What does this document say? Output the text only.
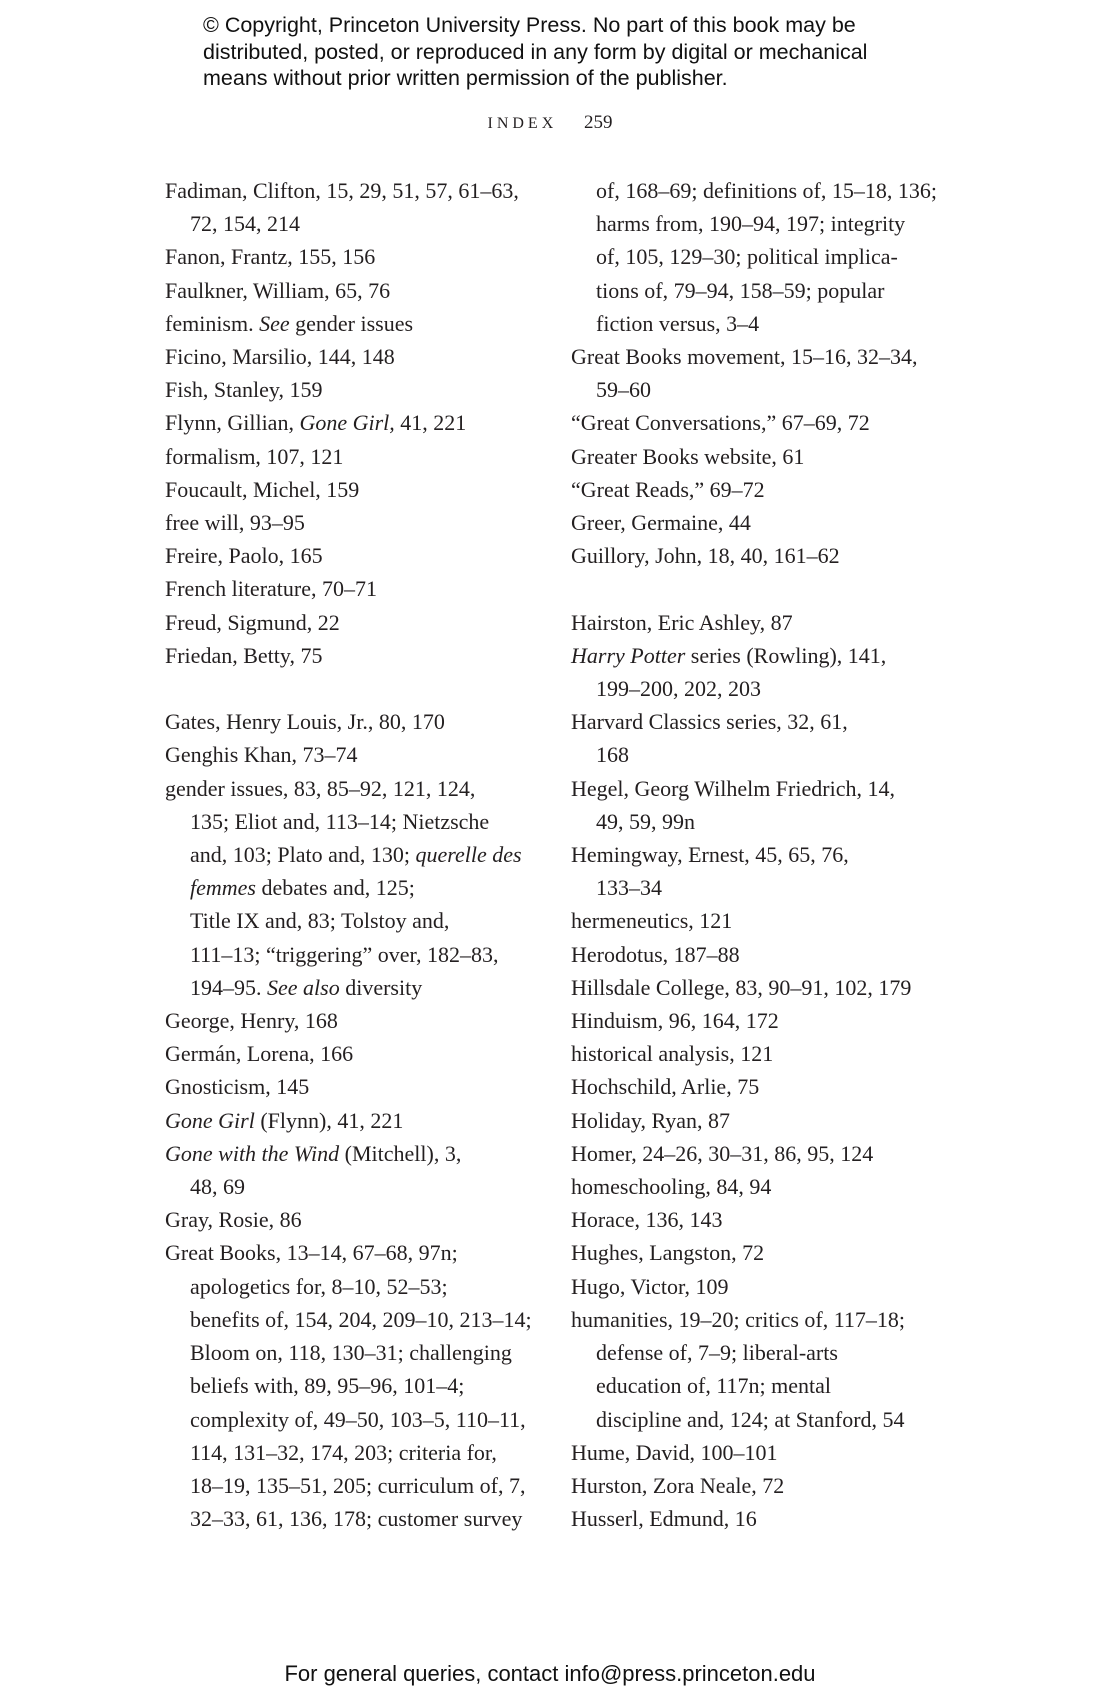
© Copyright, Princeton University Press. No part of this book may be
distributed, posted, or reproduced in any form by digital or mechanical
means without prior written permission of the publisher.
INDEX 259
Fadiman, Clifton, 15, 29, 51, 57, 61–63,
72, 154, 214
Fanon, Frantz, 155, 156
Faulkner, William, 65, 76
feminism. See gender issues
Ficino, Marsilio, 144, 148
Fish, Stanley, 159
Flynn, Gillian, Gone Girl, 41, 221
formalism, 107, 121
Foucault, Michel, 159
free will, 93–95
Freire, Paolo, 165
French literature, 70–71
Freud, Sigmund, 22
Friedan, Betty, 75
Gates, Henry Louis, Jr., 80, 170
Genghis Khan, 73–74
gender issues, 83, 85–92, 121, 124,
135; Eliot and, 113–14; Nietzsche
and, 103; Plato and, 130; querelle des
femmes debates and, 125;
Title IX and, 83; Tolstoy and,
111–13; “triggering” over, 182–83,
194–95. See also diversity
George, Henry, 168
Germán, Lorena, 166
Gnosticism, 145
Gone Girl (Flynn), 41, 221
Gone with the Wind (Mitchell), 3,
48, 69
Gray, Rosie, 86
Great Books, 13–14, 67–68, 97n;
apologetics for, 8–10, 52–53;
benefits of, 154, 204, 209–10, 213–14;
Bloom on, 118, 130–31; challenging
beliefs with, 89, 95–96, 101–4;
complexity of, 49–50, 103–5, 110–11,
114, 131–32, 174, 203; criteria for,
18–19, 135–51, 205; curriculum of, 7,
32–33, 61, 136, 178; customer survey
of, 168–69; definitions of, 15–18, 136;
harms from, 190–94, 197; integrity
of, 105, 129–30; political implica-
tions of, 79–94, 158–59; popular
fiction versus, 3–4
Great Books movement, 15–16, 32–34,
59–60
“Great Conversations,” 67–69, 72
Greater Books website, 61
“Great Reads,” 69–72
Greer, Germaine, 44
Guillory, John, 18, 40, 161–62
Hairston, Eric Ashley, 87
Harry Potter series (Rowling), 141,
199–200, 202, 203
Harvard Classics series, 32, 61,
168
Hegel, Georg Wilhelm Friedrich, 14,
49, 59, 99n
Hemingway, Ernest, 45, 65, 76,
133–34
hermeneutics, 121
Herodotus, 187–88
Hillsdale College, 83, 90–91, 102, 179
Hinduism, 96, 164, 172
historical analysis, 121
Hochschild, Arlie, 75
Holiday, Ryan, 87
Homer, 24–26, 30–31, 86, 95, 124
homeschooling, 84, 94
Horace, 136, 143
Hughes, Langston, 72
Hugo, Victor, 109
humanities, 19–20; critics of, 117–18;
defense of, 7–9; liberal-arts
education of, 117n; mental
discipline and, 124; at Stanford, 54
Hume, David, 100–101
Hurston, Zora Neale, 72
Husserl, Edmund, 16
For general queries, contact info@press.princeton.edu
